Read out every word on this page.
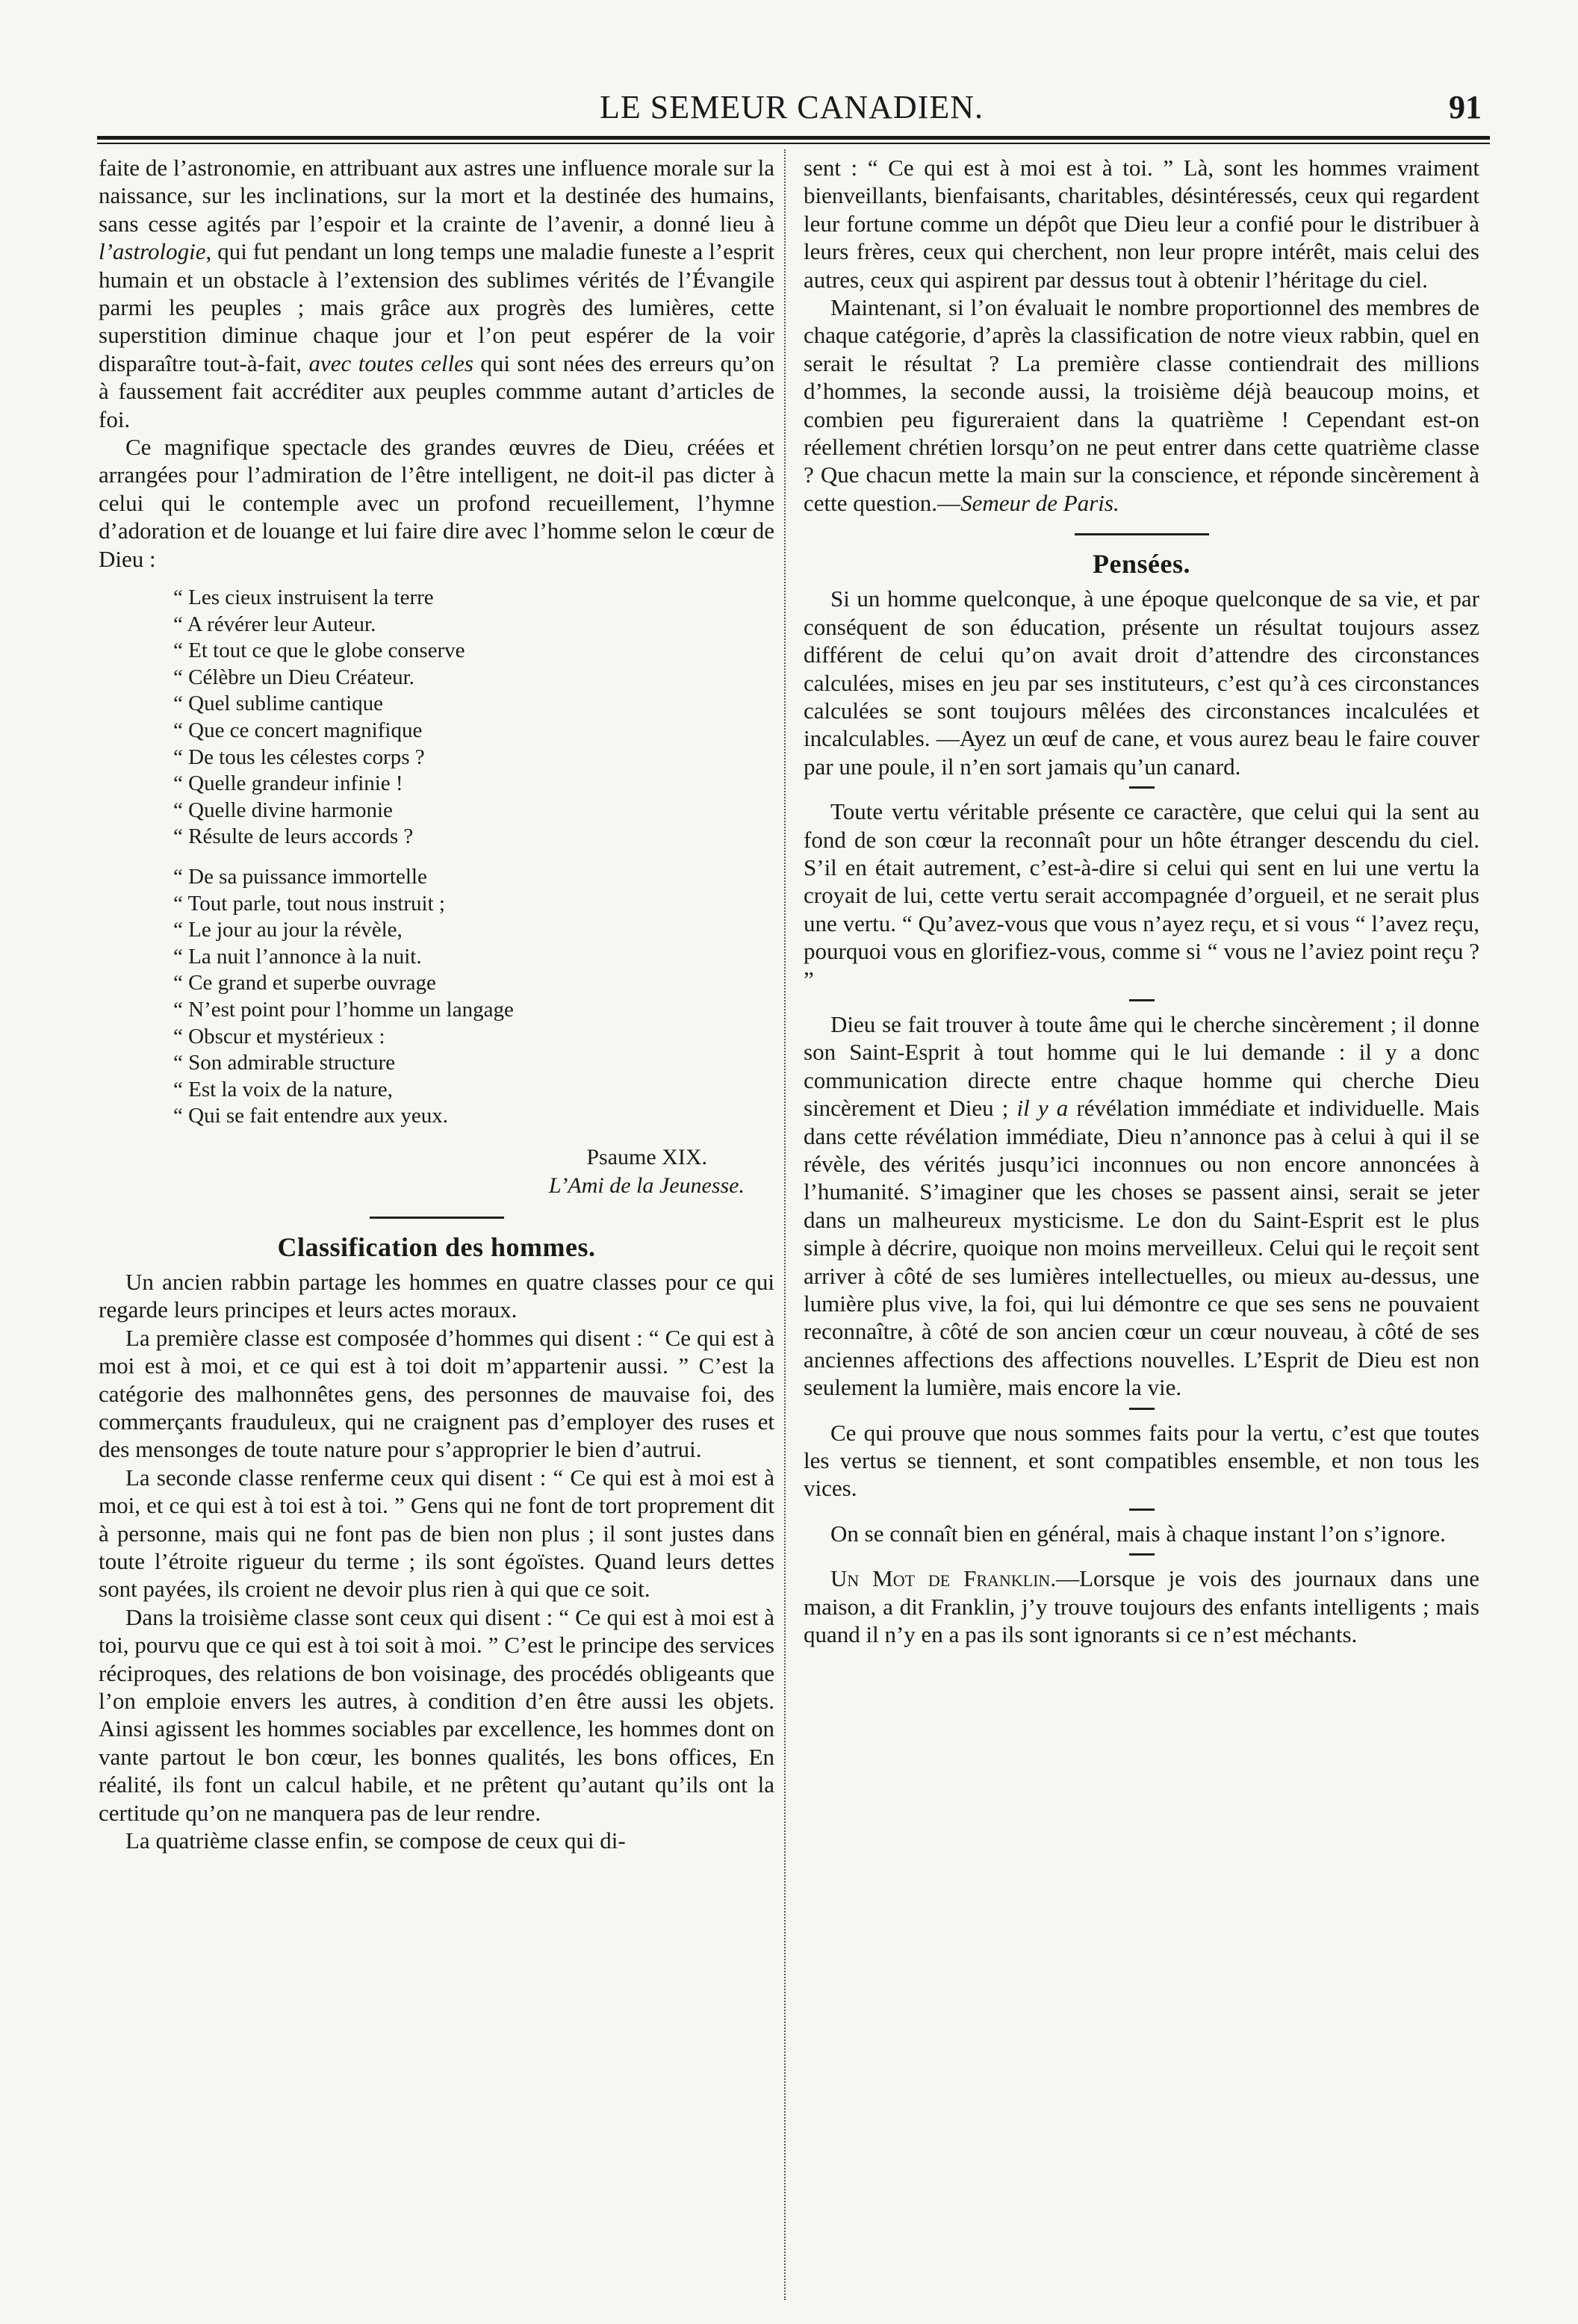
LE SEMEUR CANADIEN.	91

faite de l’astronomie, en attribuant aux astres une influence morale sur la naissance, sur les inclinations, sur la mort et la destinée des humains, sans cesse agités par l’espoir et la crainte de l’avenir, a donné lieu à l’astrologie, qui fut pendant un long temps une maladie funeste a l’esprit humain et un obstacle à l’extension des sublimes vérités de l’Évangile parmi les peuples ; mais grâce aux progrès des lumières, cette superstition diminue chaque jour et l’on peut espérer de la voir disparaître tout-à-fait, avec toutes celles qui sont nées des erreurs qu’on à faussement fait accréditer aux peuples commme autant d’articles de foi.

Ce magnifique spectacle des grandes œuvres de Dieu, créées et arrangées pour l’admiration de l’être intelligent, ne doit-il pas dicter à celui qui le contemple avec un profond recueillement, l’hymne d’adoration et de louange et lui faire dire avec l’homme selon le cœur de Dieu :

“ Les cieux instruisent la terre
“ A révérer leur Auteur.
“ Et tout ce que le globe conserve
“ Célèbre un Dieu Créateur.
“ Quel sublime cantique
“ Que ce concert magnifique
“ De tous les célestes corps ?
“ Quelle grandeur infinie !
“ Quelle divine harmonie
“ Résulte de leurs accords ?
“ De sa puissance immortelle
“ Tout parle, tout nous instruit ;
“ Le jour au jour la révèle,
“ La nuit l’annonce à la nuit.
“ Ce grand et superbe ouvrage
“ N’est point pour l’homme un langage
“ Obscur et mystérieux :
“ Son admirable structure
“ Est la voix de la nature,
“ Qui se fait entendre aux yeux.
Psaume XIX.
L’Ami de la Jeunesse.
Classification des hommes.

Un ancien rabbin partage les hommes en quatre classes pour ce qui regarde leurs principes et leurs actes moraux.

La première classe est composée d’hommes qui disent : “ Ce qui est à moi est à moi, et ce qui est à toi doit m’appartenir aussi. ” C’est la catégorie des malhonnêtes gens, des personnes de mauvaise foi, des commerçants frauduleux, qui ne craignent pas d’employer des ruses et des mensonges de toute nature pour s’approprier le bien d’autrui.

La seconde classe renferme ceux qui disent : “ Ce qui est à moi est à moi, et ce qui est à toi est à toi. ” Gens qui ne font de tort proprement dit à personne, mais qui ne font pas de bien non plus ; il sont justes dans toute l’étroite rigueur du terme ; ils sont égoïstes. Quand leurs dettes sont payées, ils croient ne devoir plus rien à qui que ce soit.

Dans la troisième classe sont ceux qui disent : “ Ce qui est à moi est à toi, pourvu que ce qui est à toi soit à moi. ” C’est le principe des services réciproques, des relations de bon voisinage, des procédés obligeants que l’on emploie envers les autres, à condition d’en être aussi les objets. Ainsi agissent les hommes sociables par excellence, les hommes dont on vante partout le bon cœur, les bonnes qualités, les bons offices, En réalité, ils font un calcul habile, et ne prêtent qu’autant qu’ils ont la certitude qu’on ne manquera pas de leur rendre.

La quatrième classe enfin, se compose de ceux qui di-

sent : “ Ce qui est à moi est à toi. ” Là, sont les hommes vraiment bienveillants, bienfaisants, charitables, désintéressés, ceux qui regardent leur fortune comme un dépôt que Dieu leur a confié pour le distribuer à leurs frères, ceux qui cherchent, non leur propre intérêt, mais celui des autres, ceux qui aspirent par dessus tout à obtenir l’héritage du ciel.

Maintenant, si l’on évaluait le nombre proportionnel des membres de chaque catégorie, d’après la classification de notre vieux rabbin, quel en serait le résultat ? La première classe contiendrait des millions d’hommes, la seconde aussi, la troisième déjà beaucoup moins, et combien peu figureraient dans la quatrième ! Cependant est-on réellement chrétien lorsqu’on ne peut entrer dans cette quatrième classe ? Que chacun mette la main sur la conscience, et réponde sincèrement à cette question.—Semeur de Paris.

Pensées.

Si un homme quelconque, à une époque quelconque de sa vie, et par conséquent de son éducation, présente un résultat toujours assez différent de celui qu’on avait droit d’attendre des circonstances calculées, mises en jeu par ses instituteurs, c’est qu’à ces circonstances calculées se sont toujours mêlées des circonstances incalculées et incalculables. —Ayez un œuf de cane, et vous aurez beau le faire couver par une poule, il n’en sort jamais qu’un canard.

Toute vertu véritable présente ce caractère, que celui qui la sent au fond de son cœur la reconnaît pour un hôte étranger descendu du ciel. S’il en était autrement, c’est-à-dire si celui qui sent en lui une vertu la croyait de lui, cette vertu serait accompagnée d’orgueil, et ne serait plus une vertu. “ Qu’avez-vous que vous n’ayez reçu, et si vous “ l’avez reçu, pourquoi vous en glorifiez-vous, comme si “ vous ne l’aviez point reçu ? ”

Dieu se fait trouver à toute âme qui le cherche sincèrement ; il donne son Saint-Esprit à tout homme qui le lui demande : il y a donc communication directe entre chaque homme qui cherche Dieu sincèrement et Dieu ; il y a révélation immédiate et individuelle. Mais dans cette révélation immédiate, Dieu n’annonce pas à celui à qui il se révèle, des vérités jusqu’ici inconnues ou non encore annoncées à l’humanité. S’imaginer que les choses se passent ainsi, serait se jeter dans un malheureux mysticisme. Le don du Saint-Esprit est le plus simple à décrire, quoique non moins merveilleux. Celui qui le reçoit sent arriver à côté de ses lumières intellectuelles, ou mieux au-dessus, une lumière plus vive, la foi, qui lui démontre ce que ses sens ne pouvaient reconnaître, à côté de son ancien cœur un cœur nouveau, à côté de ses anciennes affections des affections nouvelles. L’Esprit de Dieu est non seulement la lumière, mais encore la vie.

Ce qui prouve que nous sommes faits pour la vertu, c’est que toutes les vertus se tiennent, et sont compatibles ensemble, et non tous les vices.

On se connaît bien en général, mais à chaque instant l’on s’ignore.

Un Mot de Franklin.—Lorsque je vois des journaux dans une maison, a dit Franklin, j’y trouve toujours des enfants intelligents ; mais quand il n’y en a pas ils sont ignorants si ce n’est méchants.
